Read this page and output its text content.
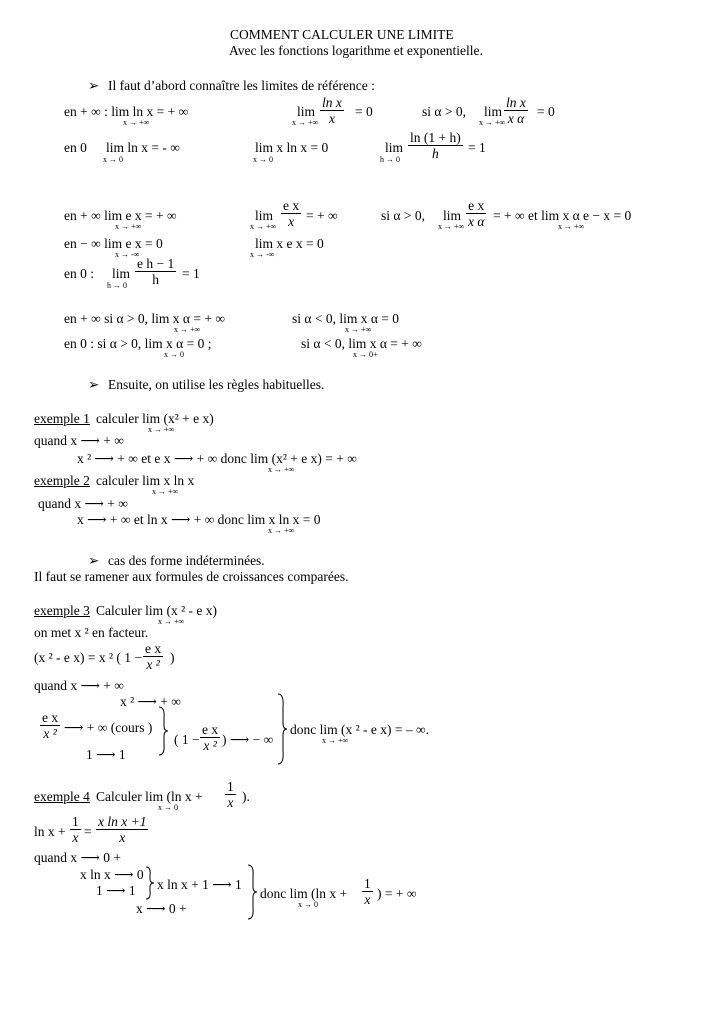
COMMENT CALCULER UNE LIMITE
Avec les fonctions logarithme et exponentielle.
➢ Il faut d’abord connaître les limites de référence :
en + ∞ : lim ln x = + ∞
x → +∞
lim
x → +∞ $\frac{\text{ln x}}{x} = 0$	si α > 0, lim
x → +∞
$\frac{\text{ln x}}{\text{x α}} = 0$
en 0 lim ln x = - ∞
x → 0
lim x ln x = 0
x → 0
lim
$h \to 0 \frac{\ln (1 + h)}{h} = 1$
en + ∞ lim e x = + ∞
x → +∞
lim
x → +∞ $\frac{\text{e x}}{x}$ = + ∞	si α > 0, lim
x → +∞ $\frac{\text{e x}}{\text{x α}}$ = + ∞ et lim x α e − x = 0
x → +∞
en − ∞ lim e x = 0
x → -∞
lim x e x = 0
x → -∞
en 0 : lim
$h \to 0 \frac{\text{e h − 1}}{h} = 1$
en + ∞ si α > 0, lim x α = + ∞
x → +∞
si α < 0, lim x α = 0
x → +∞
en 0 : si α > 0, lim x α = 0 ;
x → 0
si α < 0, lim x α = + ∞
x → 0+
➢ Ensuite, on utilise les règles habituelles.
exemple 1 calculer lim (x² + e x)
x → +∞
quand x ⟶ + ∞
x ² ⟶ + ∞ et e x ⟶ + ∞ donc lim (x² + e x) = + ∞
x → +∞
exemple 2 calculer lim x ln x
x → +∞
quand x ⟶ + ∞
x ⟶ + ∞ et ln x ⟶ + ∞ donc lim x ln x = 0
x → +∞
➢ cas des forme indéterminées.
Il faut se ramener aux formules de croissances comparées.
exemple 3 Calculer lim (x ² - e x)
x → +∞
on met x ² en facteur.
(x ² - e x) = x ² ( $1 - \frac{\text{e x}}{\text{x ²}}$ )
quand x ⟶ + ∞
x ² ⟶ + ∞
$\frac{\text{e x}}{\text{x ²}}$ ⟶ + ∞ (cours )
( $1 - \frac{\text{e x}}{\text{x ²}}$ ) ⟶ − ∞
donc lim (x ² - e x) = – ∞.
x → +∞
1 ⟶ 1
exemple 4 Calculer lim (ln x +
x → 0	$\frac{1}{x}$ ).
$\ln x + \frac{1}{x} = \frac{\text{x ln x +1}}{x}$
quand x ⟶ 0 +
x ln x ⟶ 0
1 ⟶ 1 x ln x + 1 ⟶ 1
donc lim (ln x +
x → 0	$\frac{1}{x}$ ) = + ∞
x ⟶ 0 +
